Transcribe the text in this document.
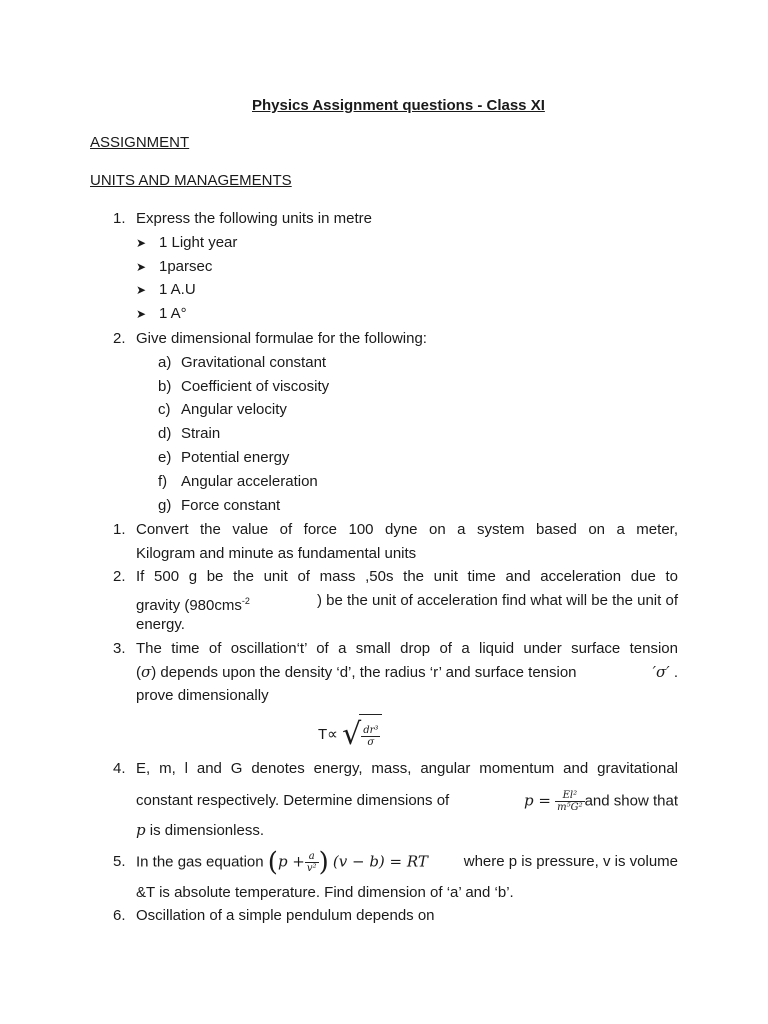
Physics Assignment questions - Class XI
ASSIGNMENT
UNITS AND MANAGEMENTS
1. Express the following units in metre
➤ 1 Light year
➤ 1parsec
➤ 1 A.U
➤ 1 A°
2. Give dimensional formulae for the following:
a) Gravitational constant
b) Coefficient of viscosity
c) Angular velocity
d) Strain
e) Potential energy
f) Angular acceleration
g) Force constant
1. Convert the value of force 100 dyne on a system based on a meter,
Kilogram and minute as fundamental units
2. If 500 g be the unit of mass ,50s the unit time and acceleration due to
gravity (980cms$^{-2}$	) be the unit of acceleration find what will be the unit of
energy.
3. The time of oscillation‘t’ of a small drop of a liquid under surface tension
(σ) depends upon the density ‘d’, the radius ‘r’ and surface tension	′σ′ .
prove dimensionally
T∝ √ $\frac{\text{dr³}}{\sigma}$
4. E, m, l and G denotes energy, mass, angular momentum and gravitational
constant respectively. Determine dimensions of	$p = \frac{\text{El²}}{\text{m⁵G²}}$ and show that
p is dimensionless.
5. In the gas equation ($p + \frac{a}{\text{v²}}$ ) (v − b) = RT where p is pressure, v is volume
&T is absolute temperature. Find dimension of ‘a’ and ‘b’.
6. Oscillation of a simple pendulum depends on
